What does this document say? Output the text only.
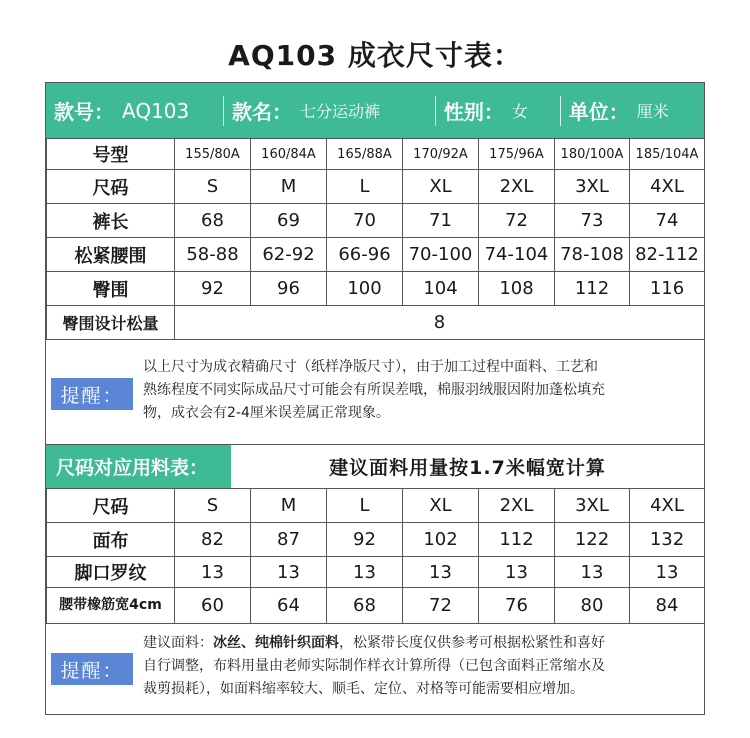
AQ103 成衣尺寸表：
款号： AQ103 款名： 七分运动裤	性别： 女 单位： 厘米
号型	155/80A	160/84A	165/88A	170/92A	175/96A	180/100A	185/104A
尺码	S	M	L	XL	2XL	3XL	4XL
裤长	68	69	70	71	72	73	74
松紧腰围	58-88	62-92	66-96	70-100	74-104	78-108	82-112
臀围	92	96	100	104	108	112	116
臀围设计松量	8						
提醒：
以上尺寸为成衣精确尺寸（纸样净版尺寸），由于加工过程中面料、工艺和
熟练程度不同实际成品尺寸可能会有所误差哦，棉服羽绒服因附加蓬松填充
物，成衣会有2-4厘米误差属正常现象。
尺码对应用料表：	建议面料用量按1.7米幅宽计算
尺码	S	M	L	XL	2XL	3XL	4XL
面布	82	87	92	102	112	122	132
脚口罗纹	13	13	13	13	13	13	13
腰带橡筋宽4cm	60	64	68	72	76	80	84
提醒：
建议面料：冰丝、纯棉针织面料，松紧带长度仅供参考可根据松紧性和喜好
自行调整，布料用量由老师实际制作样衣计算所得（已包含面料正常缩水及
裁剪损耗），如面料缩率较大、顺毛、定位、对格等可能需要相应增加。
